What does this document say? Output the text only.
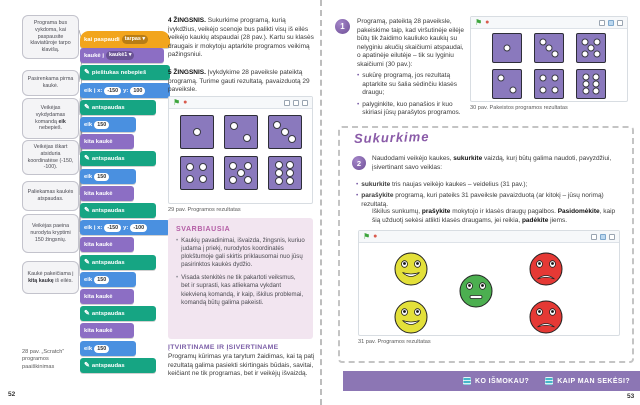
Programa bus vykdoma, kai paspausite klaviatūroje tarpo klavišą.
Pasirenkama pirma kaukė.
Veikėjas vykdydamas komandą eik nebepieš.
Veikėjas iškart atsiduria koordinatėse (-150, -100).
Paliekamas kaukės atspaudas.
Veikėjas paeina nurodyta kryptimi 150 žingsnių.
Kaukė pakeičiama į kitą kaukę iš eilės.
kai paspaudi tarpas ▾
kaukė į kaukė1 ▾
✎ pieštukas nebepieš
eik į x: -150 y: 100
✎ antspaudas
eik 150
kita kaukė
✎ antspaudas
eik 150
kita kaukė
✎ antspaudas
eik į x: -150 y: -100
kita kaukė
✎ antspaudas
eik 150
kita kaukė
✎ antspaudas
kita kaukė
eik 150
✎ antspaudas
28 pav. „Scratch“ programos paaiškinimas
52
4 ŽINGSNIS. Sukurkime programą, kurią įvykdžius, veikėjo scenoje bus palikti visų iš eilės veikėjo kaukių atspaudai (28 pav.). Kartu su klasės draugais ir mokytoju aptarkite programos veikimą pažingsniui.
5 ŽINGSNIS. Įvykdykime 28 paveiksle pateiktą programą. Turime gauti rezultatą, pavaizduotą 29 paveiksle.
⚑ ●
29 pav. Programos rezultatas
SVARBIAUSIA
• Kaukių pavadinimai, išvaizda, žingsnis, kuriuo judama į priekį, nurodytos koordinatės plokštumoje gali skirtis priklausomai nuo jūsų pasirinktos kaukės dydžio.
• Visada stenkitės ne tik pakartoti veiksmus, bet ir suprasti, kas atliekama vykdant kiekvieną komandą, ir kaip, iškilus problemai, komandą būtų galima pakeisti.
ĮTVIRTINAME IR ĮSIVERTINAME
Programų kūrimas yra tarytum žaidimas, kai tą patį rezultatą galima pasiekti skirtingais būdais, savitai, keičiant ne tik programas, bet ir veikėjų išvaizdą.
1
Programą, pateiktą 28 paveiksle, pakeiskime taip, kad viršutinėje eilėje būtų tik žaidimo kauliuko kaukių su nelyginiu akučių skaičiumi atspaudai, o apatinėje eilutėje – tik su lyginiu skaičiumi (30 pav.):
• sukūrę programą, jos rezultatą aptarkite su šalia sėdinčiu klasės draugu;
• palyginkite, kuo panašios ir kuo skiriasi jūsų parašytos programos.
⚑ ●
30 pav. Pakeistos programos rezultatas
Sukurkime
2	Naudodami veikėjo kaukes, sukurkite vaizdą, kurį būtų galima naudoti, pavyzdžiui, įsivertinant savo veiklas:
• sukurkite tris naujas veikėjo kaukes – veidelius (31 pav.);
• parašykite programą, kuri pateiks 31 paveiksle pavaizduotą (ar kitokį – jūsų norimą) rezultatą.
Iškilus sunkumų, prašykite mokytojo ir klasės draugų pagalbos. Pasidomėkite, kaip šią užduotį sekėsi atlikti klasės draugams, jei reikia, padėkite jiems.
⚑ ●
31 pav. Programos rezultatas
KO IŠMOKAU?	KAIP MAN SEKĖSI?
53
